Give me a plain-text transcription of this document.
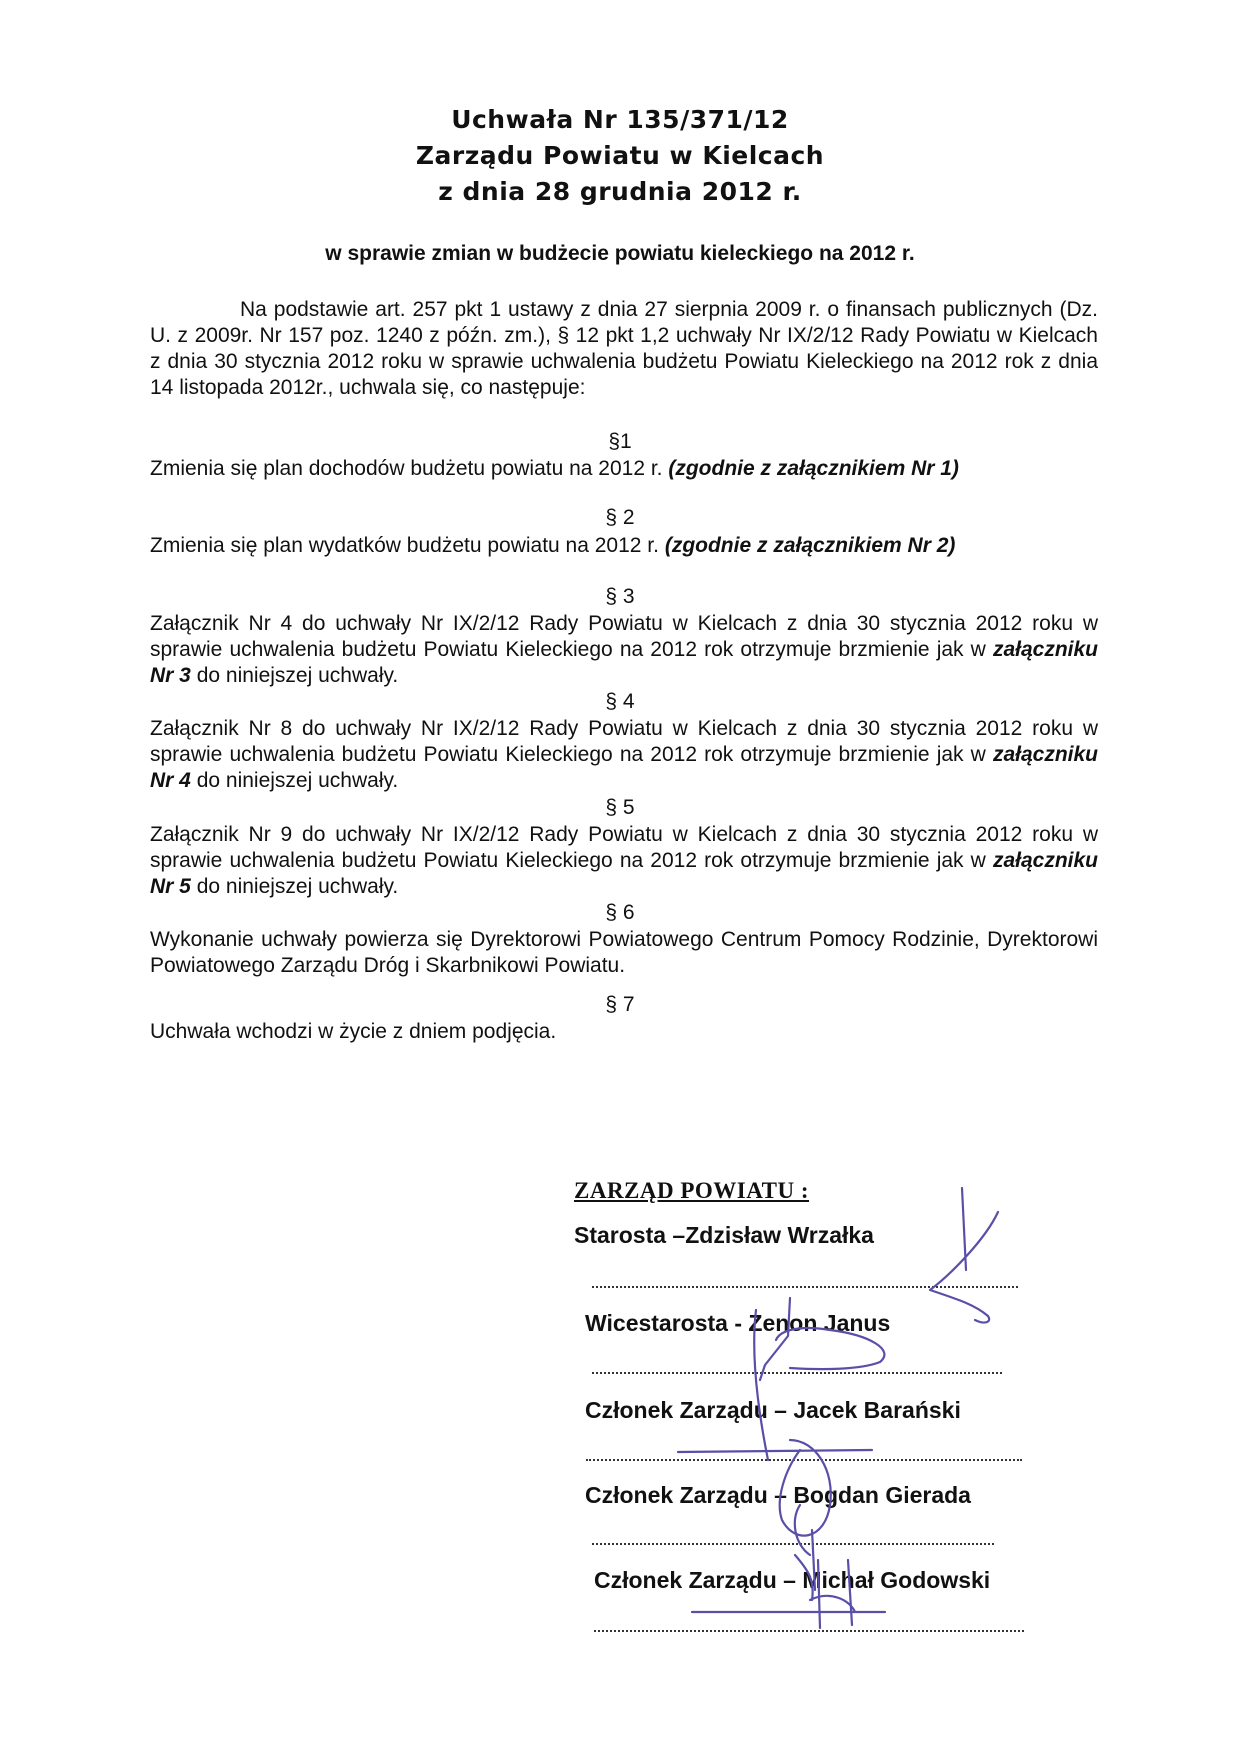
Uchwała Nr 135/371/12
Zarządu Powiatu w Kielcach
z dnia 28 grudnia 2012 r.
w sprawie zmian w budżecie powiatu kieleckiego na 2012 r.
Na podstawie art. 257 pkt 1 ustawy z dnia 27 sierpnia 2009 r. o finansach publicznych (Dz. U. z 2009r. Nr 157 poz. 1240 z późn. zm.), § 12 pkt 1,2 uchwały Nr IX/2/12 Rady Powiatu w Kielcach z dnia 30 stycznia 2012 roku w sprawie uchwalenia budżetu Powiatu Kieleckiego na 2012 rok z dnia 14 listopada 2012r., uchwala się, co następuje:
§1
Zmienia się plan dochodów budżetu powiatu na 2012 r. (zgodnie z załącznikiem Nr 1)
§ 2
Zmienia się plan wydatków budżetu powiatu na 2012 r. (zgodnie z załącznikiem Nr 2)
§ 3
Załącznik Nr 4 do uchwały Nr IX/2/12 Rady Powiatu w Kielcach z dnia 30 stycznia 2012 roku w sprawie uchwalenia budżetu Powiatu Kieleckiego na 2012 rok otrzymuje brzmienie jak w załączniku Nr 3 do niniejszej uchwały.
§ 4
Załącznik Nr 8 do uchwały Nr IX/2/12 Rady Powiatu w Kielcach z dnia 30 stycznia 2012 roku w sprawie uchwalenia budżetu Powiatu Kieleckiego na 2012 rok otrzymuje brzmienie jak w załączniku Nr 4 do niniejszej uchwały.
§ 5
Załącznik Nr 9 do uchwały Nr IX/2/12 Rady Powiatu w Kielcach z dnia 30 stycznia 2012 roku w sprawie uchwalenia budżetu Powiatu Kieleckiego na 2012 rok otrzymuje brzmienie jak w załączniku Nr 5 do niniejszej uchwały.
§ 6
Wykonanie uchwały powierza się Dyrektorowi Powiatowego Centrum Pomocy Rodzinie, Dyrektorowi Powiatowego Zarządu Dróg i Skarbnikowi Powiatu.
§ 7
Uchwała wchodzi w życie z dniem podjęcia.
ZARZĄD POWIATU :
Starosta –Zdzisław Wrzałka
Wicestarosta - Zenon Janus
Członek Zarządu – Jacek Barański
Członek Zarządu – Bogdan Gierada
Członek Zarządu – Michał Godowski
